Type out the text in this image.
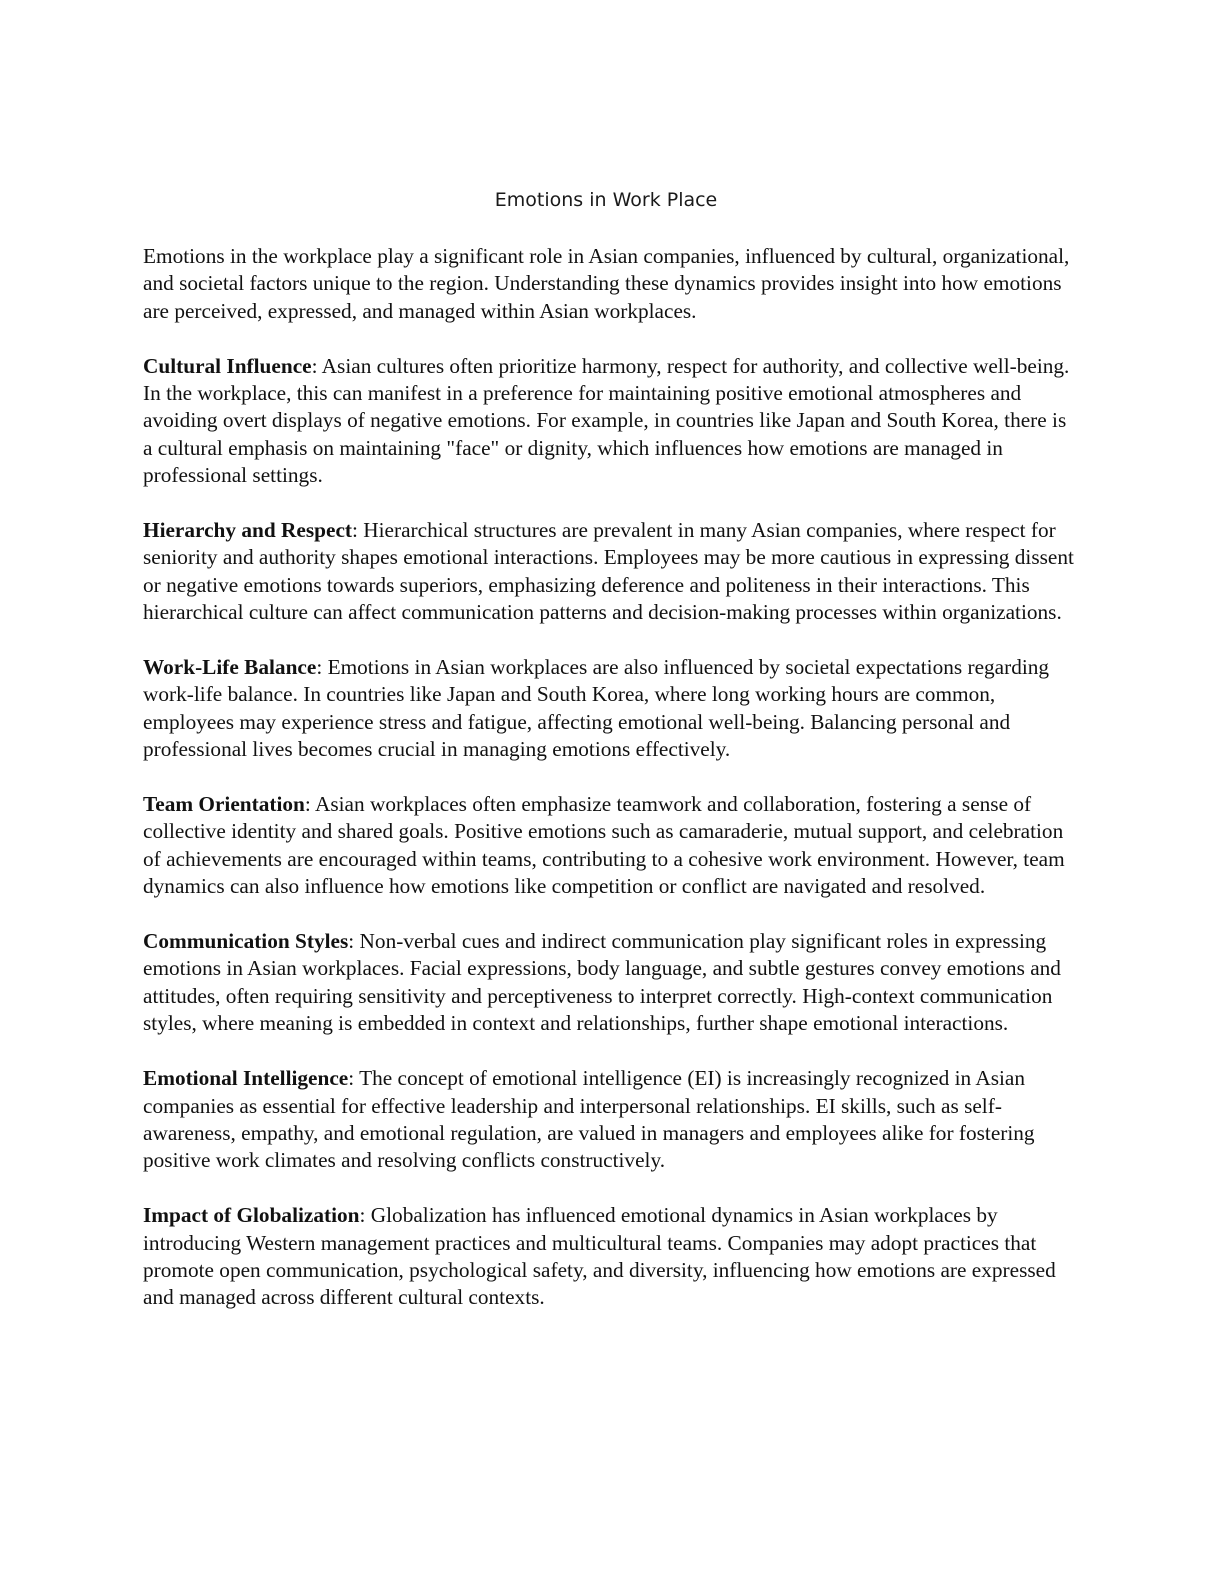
Emotions in Work Place

Emotions in the workplace play a significant role in Asian companies, influenced by cultural, organizational, and societal factors unique to the region. Understanding these dynamics provides insight into how emotions are perceived, expressed, and managed within Asian workplaces.

Cultural Influence: Asian cultures often prioritize harmony, respect for authority, and collective well-being. In the workplace, this can manifest in a preference for maintaining positive emotional atmospheres and avoiding overt displays of negative emotions. For example, in countries like Japan and South Korea, there is a cultural emphasis on maintaining "face" or dignity, which influences how emotions are managed in professional settings.

Hierarchy and Respect: Hierarchical structures are prevalent in many Asian companies, where respect for seniority and authority shapes emotional interactions. Employees may be more cautious in expressing dissent or negative emotions towards superiors, emphasizing deference and politeness in their interactions. This hierarchical culture can affect communication patterns and decision-making processes within organizations.

Work-Life Balance: Emotions in Asian workplaces are also influenced by societal expectations regarding work-life balance. In countries like Japan and South Korea, where long working hours are common, employees may experience stress and fatigue, affecting emotional well-being. Balancing personal and professional lives becomes crucial in managing emotions effectively.

Team Orientation: Asian workplaces often emphasize teamwork and collaboration, fostering a sense of collective identity and shared goals. Positive emotions such as camaraderie, mutual support, and celebration of achievements are encouraged within teams, contributing to a cohesive work environment. However, team dynamics can also influence how emotions like competition or conflict are navigated and resolved.

Communication Styles: Non-verbal cues and indirect communication play significant roles in expressing emotions in Asian workplaces. Facial expressions, body language, and subtle gestures convey emotions and attitudes, often requiring sensitivity and perceptiveness to interpret correctly. High-context communication styles, where meaning is embedded in context and relationships, further shape emotional interactions.

Emotional Intelligence: The concept of emotional intelligence (EI) is increasingly recognized in Asian companies as essential for effective leadership and interpersonal relationships. EI skills, such as self-awareness, empathy, and emotional regulation, are valued in managers and employees alike for fostering positive work climates and resolving conflicts constructively.

Impact of Globalization: Globalization has influenced emotional dynamics in Asian workplaces by introducing Western management practices and multicultural teams. Companies may adopt practices that promote open communication, psychological safety, and diversity, influencing how emotions are expressed and managed across different cultural contexts.
